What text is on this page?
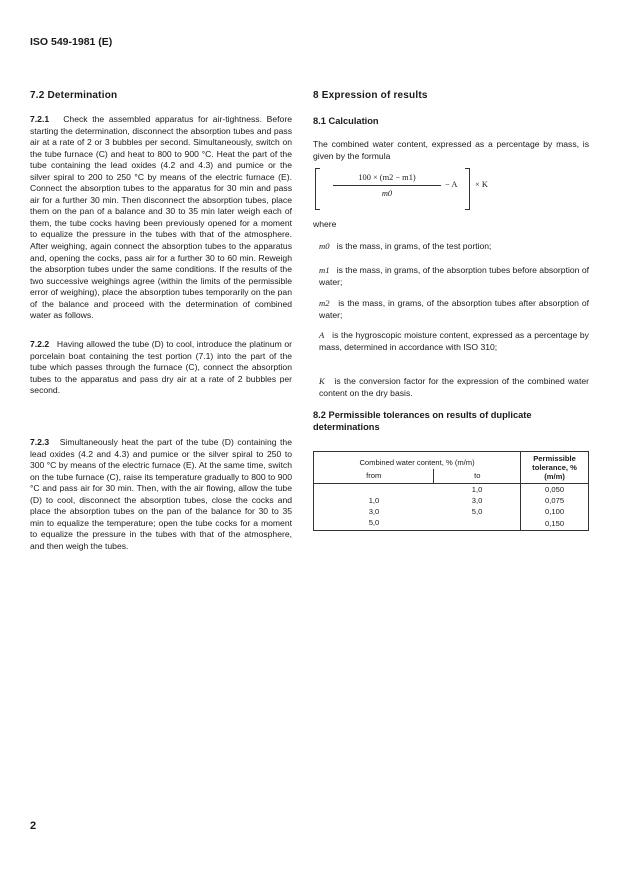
ISO 549-1981 (E)
7.2 Determination

7.2.1 Check the assembled apparatus for air-tightness. Before starting the determination, disconnect the absorption tubes and pass air at a rate of 2 or 3 bubbles per second. Simultaneously, switch on the tube furnace (C) and heat to 800 to 900 °C. Heat the part of the tube containing the lead oxides (4.2 and 4.3) and pumice or the silver spiral to 200 to 250 °C by means of the electric furnace (E). Connect the absorption tubes to the apparatus for 30 min and pass air for a further 30 min. Then disconnect the absorption tubes, place them on the pan of a balance and 30 to 35 min later weigh each of them, the tube cocks having been previously opened for a moment to equalize the pressure in the tubes with that of the atmosphere. After weighing, again connect the absorption tubes to the apparatus and, opening the cocks, pass air for a further 30 to 60 min. Reweigh the absorption tubes under the same conditions. If the results of the two successive weighings agree (within the limits of the permissible error of weighing), place the absorption tubes temporarily on the pan of the balance and proceed with the determination of combined water as follows.

7.2.2 Having allowed the tube (D) to cool, introduce the platinum or porcelain boat containing the test portion (7.1) into the part of the tube which passes through the furnace (C), connect the absorption tubes to the apparatus and pass dry air at a rate of 2 bubbles per second.

7.2.3 Simultaneously heat the part of the tube (D) containing the lead oxides (4.2 and 4.3) and pumice or the silver spiral to 250 to 300 °C by means of the electric furnace (E). At the same time, switch on the tube furnace (C), raise its temperature gradually to 800 to 900 °C and pass air for 30 min. Then, with the air flowing, allow the tube (D) to cool, disconnect the absorption tubes, close the cocks and place the absorption tubes on the pan of the balance for 30 to 35 min to equalize the temperature; open the tube cocks for a moment to equalize the pressure in the tubes with that of the atmosphere, and then weigh the tubes.

8 Expression of results
8.1 Calculation

The combined water content, expressed as a percentage by mass, is given by the formula

100 × (m2 − m1)
m0
− A × K

where

m0 is the mass, in grams, of the test portion;

m1 is the mass, in grams, of the absorption tubes before absorption of water;

m2 is the mass, in grams, of the absorption tubes after absorption of water;

A is the hygroscopic moisture content, expressed as a percentage by mass, determined in accordance with ISO 310;

K is the conversion factor for the expression of the combined water content on the dry basis.

8.2 Permissible tolerances on results of duplicate determinations
Combined water content, % (m/m)		Permissible tolerance, % (m/m)
from	to	
	1,0	0,050
1,0	3,0	0,075
3,0	5,0	0,100
5,0		0,150
2
